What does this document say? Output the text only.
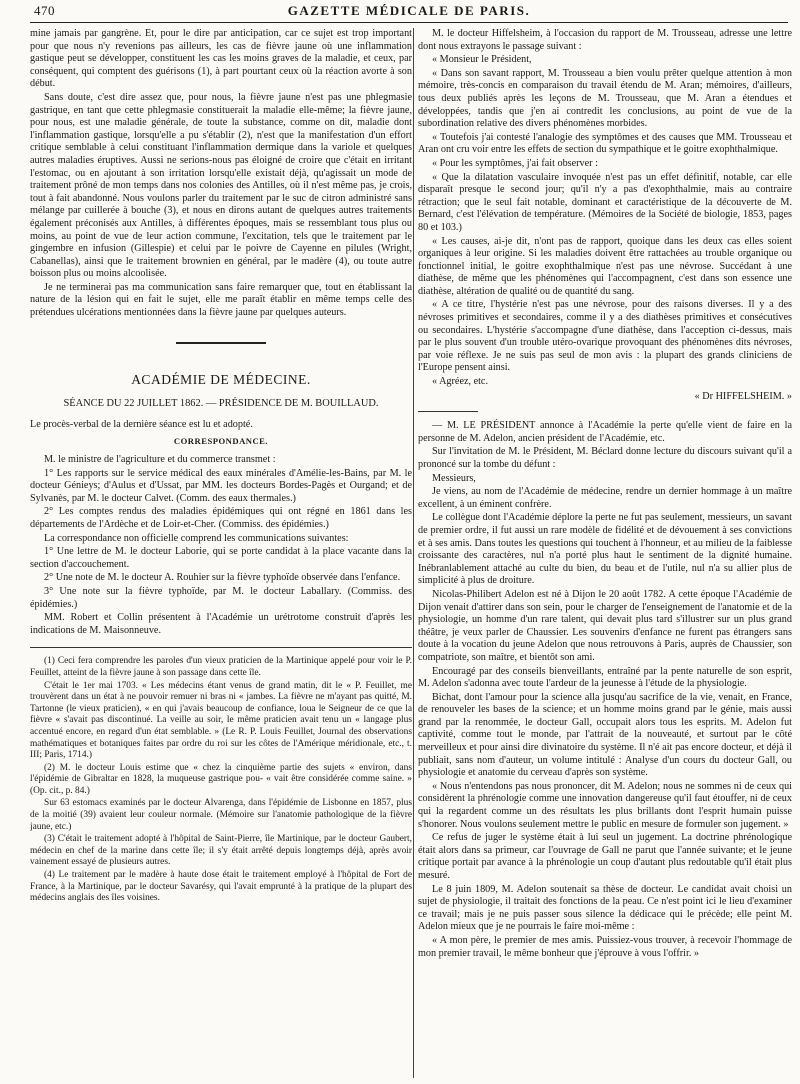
470	GAZETTE MÉDICALE DE PARIS.

mine jamais par gangrène. Et, pour le dire par anticipation, car ce sujet est trop important pour que nous n'y revenions pas ailleurs, les cas de fièvre jaune où une inflammation gastique peut se développer, constituent les cas les moins graves de la maladie, et ceux, par conséquent, qui comptent des guérisons (1), à part pourtant ceux où la réaction avorte à son début.

Sans doute, c'est dire assez que, pour nous, la fièvre jaune n'est pas une phlegmasie gastrique, en tant que cette phlegmasie constituerait la maladie elle-même; la fièvre jaune, pour nous, est une maladie générale, de toute la substance, comme on dit, maladie dont l'inflammation gastique, lorsqu'elle a pu s'établir (2), n'est que la manifestation d'un effort critique semblable à celui constituant l'inflammation dermique dans la variole et quelques autres maladies éruptives. Aussi ne serions-nous pas éloigné de croire que c'était en irritant l'estomac, ou en ajoutant à son irritation lorsqu'elle existait déjà, qu'agissait un mode de traitement prôné de mon temps dans nos colonies des Antilles, où il n'est même pas, je crois, tout à fait abandonné. Nous voulons parler du traitement par le suc de citron administré sans mélange par cuillerée à bouche (3), et nous en dirons autant de quelques autres traitements également préconisés aux Antilles, à différentes époques, mais se ressemblant tous plus ou moins, au point de vue de leur action commune, l'excitation, tels que le traitement par le gingembre en infusion (Gillespie) et celui par le poivre de Cayenne en pilules (Wright, Cabanellas), ainsi que le traitement brownien en général, par le madère (4), ou toute autre boisson plus ou moins alcoolisée.

Je ne terminerai pas ma communication sans faire remarquer que, tout en établissant la nature de la lésion qui en fait le sujet, elle me paraît établir en même temps celle des prétendues ulcérations mentionnées dans la fièvre jaune par quelques auteurs.

ACADÉMIE DE MÉDECINE.
SÉANCE DU 22 JUILLET 1862. — PRÉSIDENCE DE M. BOUILLAUD.

Le procès-verbal de la dernière séance est lu et adopté.

CORRESPONDANCE.

M. le ministre de l'agriculture et du commerce transmet :

1° Les rapports sur le service médical des eaux minérales d'Amélie-les-Bains, par M. le docteur Génieys; d'Aulus et d'Ussat, par MM. les docteurs Bordes-Pagès et Ourgand; et de Sylvanès, par M. le docteur Calvet. (Comm. des eaux thermales.)

2° Les comptes rendus des maladies épidémiques qui ont régné en 1861 dans les départements de l'Ardèche et de Loir-et-Cher. (Commiss. des épidémies.)

La correspondance non officielle comprend les communications suivantes:

1° Une lettre de M. le docteur Laborie, qui se porte candidat à la place vacante dans la section d'accouchement.

2° Une note de M. le docteur A. Rouhier sur la fièvre typhoïde observée dans l'enfance.

3° Une note sur la fièvre typhoïde, par M. le docteur Laballary. (Commiss. des épidémies.)

MM. Robert et Collin présentent à l'Académie un urétrotome construit d'après les indications de M. Maisonneuve.

(1) Ceci fera comprendre les paroles d'un vieux praticien de la Martinique appelé pour voir le P. Feuillet, atteint de la fièvre jaune à son passage dans cette île.

C'était le 1er mai 1703. « Les médecins étant venus de grand matin, dit le « P. Feuillet, me trouvèrent dans un état à ne pouvoir remuer ni bras ni « jambes. La fièvre ne m'ayant pas quitté, M. Tartonne (le vieux praticien), « en qui j'avais beaucoup de confiance, loua le Seigneur de ce que la fièvre « s'avait pas discontinué. La veille au soir, le même praticien avait tenu un « langage plus accentué encore, en regard d'un état semblable. » (Le R. P. Louis Feuillet, Journal des observations mathématiques et botaniques faites par ordre du roi sur les côtes de l'Amérique méridionale, etc., t. III; Paris, 1714.)

(2) M. le docteur Louis estime que « chez la cinquième partie des sujets « environ, dans l'épidémie de Gibraltar en 1828, la muqueuse gastrique pou- « vait être considérée comme saine. » (Op. cit., p. 84.)

Sur 63 estomacs examinés par le docteur Alvarenga, dans l'épidémie de Lisbonne en 1857, plus de la moitié (39) avaient leur couleur normale. (Mémoire sur l'anatomie pathologique de la fièvre jaune, etc.)

(3) C'était le traitement adopté à l'hôpital de Saint-Pierre, île Martinique, par le docteur Gaubert, médecin en chef de la marine dans cette île; il s'y était arrêté depuis longtemps déjà, après avoir vainement essayé de plusieurs autres.

(4) Le traitement par le madère à haute dose était le traitement employé à l'hôpital de Fort de France, à la Martinique, par le docteur Savarésy, qui l'avait emprunté à la pratique de la plupart des médecins anglais des îles voisines.

M. le docteur Hiffelsheim, à l'occasion du rapport de M. Trousseau, adresse une lettre dont nous extrayons le passage suivant :

« Monsieur le Président,

« Dans son savant rapport, M. Trousseau a bien voulu prêter quelque attention à mon mémoire, très-concis en comparaison du travail étendu de M. Aran; mémoires, d'ailleurs, tous deux publiés après les leçons de M. Trousseau, que M. Aran a étendues et développées, tandis que j'en ai contredit les conclusions, au point de vue de la subordination relative des divers phénomènes morbides.

« Toutefois j'ai contesté l'analogie des symptômes et des causes que MM. Trousseau et Aran ont cru voir entre les effets de section du sympathique et le goitre exophthalmique.

« Pour les symptômes, j'ai fait observer :

« Que la dilatation vasculaire invoquée n'est pas un effet définitif, notable, car elle disparaît presque le second jour; qu'il n'y a pas d'exophthalmie, mais au contraire rétraction; que le seul fait notable, dominant et caractéristique de la découverte de M. Bernard, c'est l'élévation de température. (Mémoires de la Société de biologie, 1853, pages 80 et 103.)

« Les causes, ai-je dit, n'ont pas de rapport, quoique dans les deux cas elles soient organiques à leur origine. Si les maladies doivent être rattachées au trouble organique ou fonctionnel initial, le goitre exophthalmique n'est pas une névrose. Succédant à une diathèse, de même que les phénomènes qui l'accompagnent, c'est dans son essence une diathèse, altération de qualité ou de quantité du sang.

« A ce titre, l'hystérie n'est pas une névrose, pour des raisons diverses. Il y a des névroses primitives et secondaires, comme il y a des diathèses primitives et consécutives ou secondaires. L'hystérie s'accompagne d'une diathèse, dans l'acception ci-dessus, mais par le plus souvent d'un trouble utéro-ovarique provoquant des phénomènes dits névroses, par voie réflexe. Je ne suis pas seul de mon avis : la plupart des grands cliniciens de l'Europe pensent ainsi.

« Agréez, etc.

« Dr HIFFELSHEIM. »

— M. LE PRÉSIDENT annonce à l'Académie la perte qu'elle vient de faire en la personne de M. Adelon, ancien président de l'Académie, etc.

Sur l'invitation de M. le Président, M. Béclard donne lecture du discours suivant qu'il a prononcé sur la tombe du défunt :

Messieurs,

Je viens, au nom de l'Académie de médecine, rendre un dernier hommage à un maître excellent, à un éminent confrère.

Le collègue dont l'Académie déplore la perte ne fut pas seulement, messieurs, un savant de premier ordre, il fut aussi un rare modèle de fidélité et de dévouement à ses convictions et à ses amis. Dans toutes les questions qui touchent à l'honneur, et au milieu de la faiblesse croissante des caractères, nul n'a porté plus haut le sentiment de la dignité humaine. Inébranlablement attaché au culte du bien, du beau et de l'utile, nul n'a su allier plus de simplicité à plus de droiture.

Nicolas-Philibert Adelon est né à Dijon le 20 août 1782. A cette époque l'Académie de Dijon venait d'attirer dans son sein, pour le charger de l'enseignement de l'anatomie et de la physiologie, un homme d'un rare talent, qui devait plus tard s'illustrer sur un plus grand théâtre, je veux parler de Chaussier. Les souvenirs d'enfance ne furent pas étrangers sans doute à la vocation du jeune Adelon que nous retrouvons à Paris, auprès de Chaussier, son compatriote, son maître, et bientôt son ami.

Encouragé par des conseils bienveillants, entraîné par la pente naturelle de son esprit, M. Adelon s'adonna avec toute l'ardeur de la jeunesse à l'étude de la physiologie.

Bichat, dont l'amour pour la science alla jusqu'au sacrifice de la vie, venait, en France, de renouveler les bases de la science; et un homme moins grand par le génie, mais aussi grand par la renommée, le docteur Gall, occupait alors tous les esprits. M. Adelon fut captivité, comme tout le monde, par l'attrait de la nouveauté, et surtout par le côté merveilleux et pour ainsi dire divinatoire du système. Il n'é ait pas encore docteur, et déjà il publiait, sans nom d'auteur, un volume intitulé : Analyse d'un cours du docteur Gall, ou physiologie et anatomie du cerveau d'après son système.

« Nous n'entendons pas nous prononcer, dit M. Adelon; nous ne sommes ni de ceux qui considèrent la phrénologie comme une innovation dangereuse qu'il faut étouffer, ni de ceux qui la regardent comme un des résultats les plus brillants dont l'esprit humain puisse s'honorer. Nous voulons seulement mettre le public en mesure de formuler son jugement. »

Ce refus de juger le système était à lui seul un jugement. La doctrine phrénologique était alors dans sa primeur, car l'ouvrage de Gall ne parut que l'année suivante; et le jeune critique portait par avance à la phrénologie un coup d'autant plus redoutable qu'il était plus mesuré.

Le 8 juin 1809, M. Adelon soutenait sa thèse de docteur. Le candidat avait choisi un sujet de physiologie, il traitait des fonctions de la peau. Ce n'est point ici le lieu d'examiner ce travail; mais je ne puis passer sous silence la dédicace qui le précède; elle peint M. Adelon mieux que je ne pourrais le faire moi-même :

« A mon père, le premier de mes amis. Puissiez-vous trouver, à recevoir l'hommage de mon premier travail, le même bonheur que j'éprouve à vous l'offrir. »
